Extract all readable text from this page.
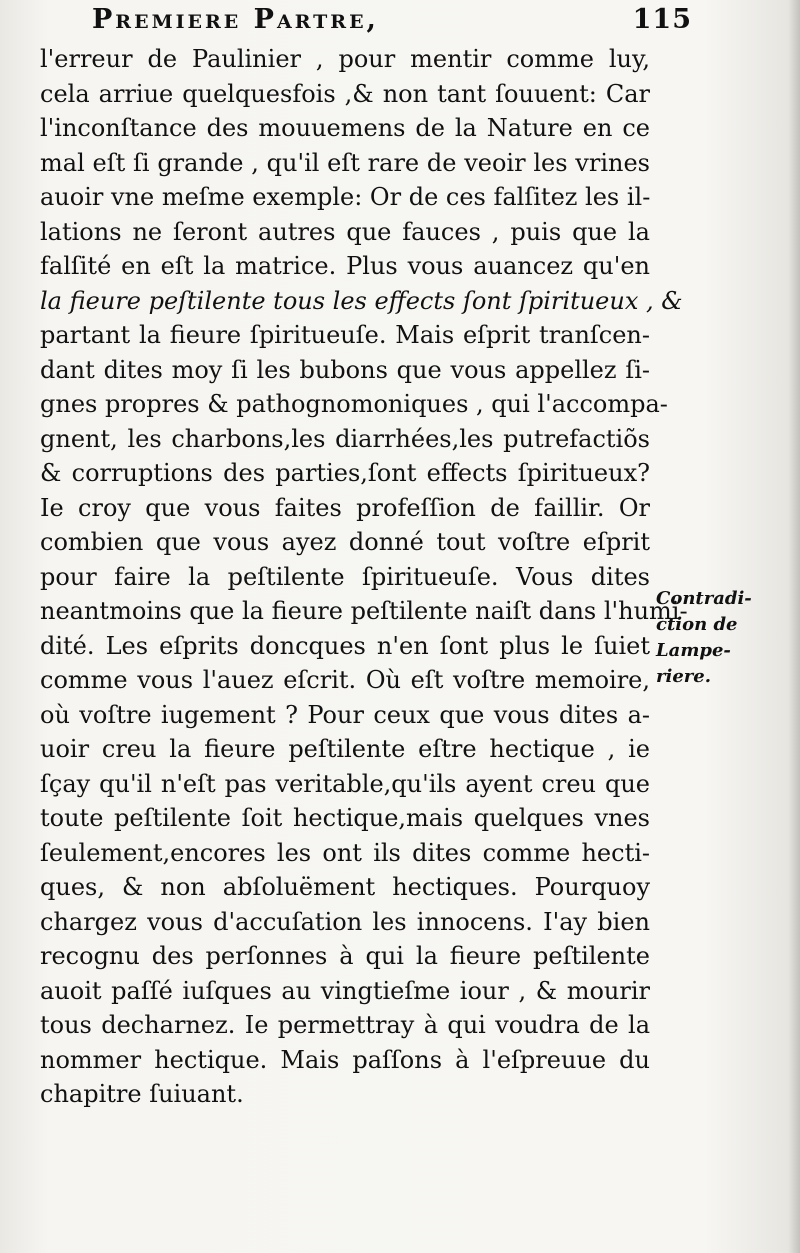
Premiere Partre,	115
l'erreur de Paulinier , pour mentir comme luy,
cela arriue quelquesfois ,& non tant ſouuent: Car
l'inconſtance des mouuemens de la Nature en ce
mal eſt ſi grande , qu'il eſt rare de veoir les vrines
auoir vne meſme exemple: Or de ces falſitez les il-
lations ne ſeront autres que fauces , puis que la
falſité en eſt la matrice. Plus vous auancez qu'en
la fieure peſtilente tous les effects ſont ſpiritueux , &
partant la fieure ſpiritueuſe. Mais eſprit tranſcen-
dant dites moy ſi les bubons que vous appellez ſi-
gnes propres & pathognomoniques , qui l'accompa-
gnent, les charbons,les diarrhées,les putrefactiõs
& corruptions des parties,ſont effects ſpiritueux?
Ie croy que vous faites profeſſion de faillir. Or
combien que vous ayez donné tout voſtre eſprit
pour faire la peſtilente ſpiritueuſe. Vous dites
neantmoins que la fieure peſtilente naiſt dans l'humi-
dité. Les eſprits doncques n'en ſont plus le ſuiet
comme vous l'auez eſcrit. Où eſt voſtre memoire,
où voſtre iugement ? Pour ceux que vous dites a-
uoir creu la fieure peſtilente eſtre hectique , ie
ſçay qu'il n'eſt pas veritable,qu'ils ayent creu que
toute peſtilente ſoit hectique,mais quelques vnes
ſeulement,encores les ont ils dites comme hecti-
ques, & non abſoluëment hectiques. Pourquoy
chargez vous d'accuſation les innocens. I'ay bien
recognu des perſonnes à qui la fieure peſtilente
auoit paſſé iuſques au vingtieſme iour , & mourir
tous decharnez. Ie permettray à qui voudra de la
nommer hectique. Mais paſſons à l'eſpreuue du
chapitre ſuiuant.
Contradi-
ction de
Lampe-
riere.
